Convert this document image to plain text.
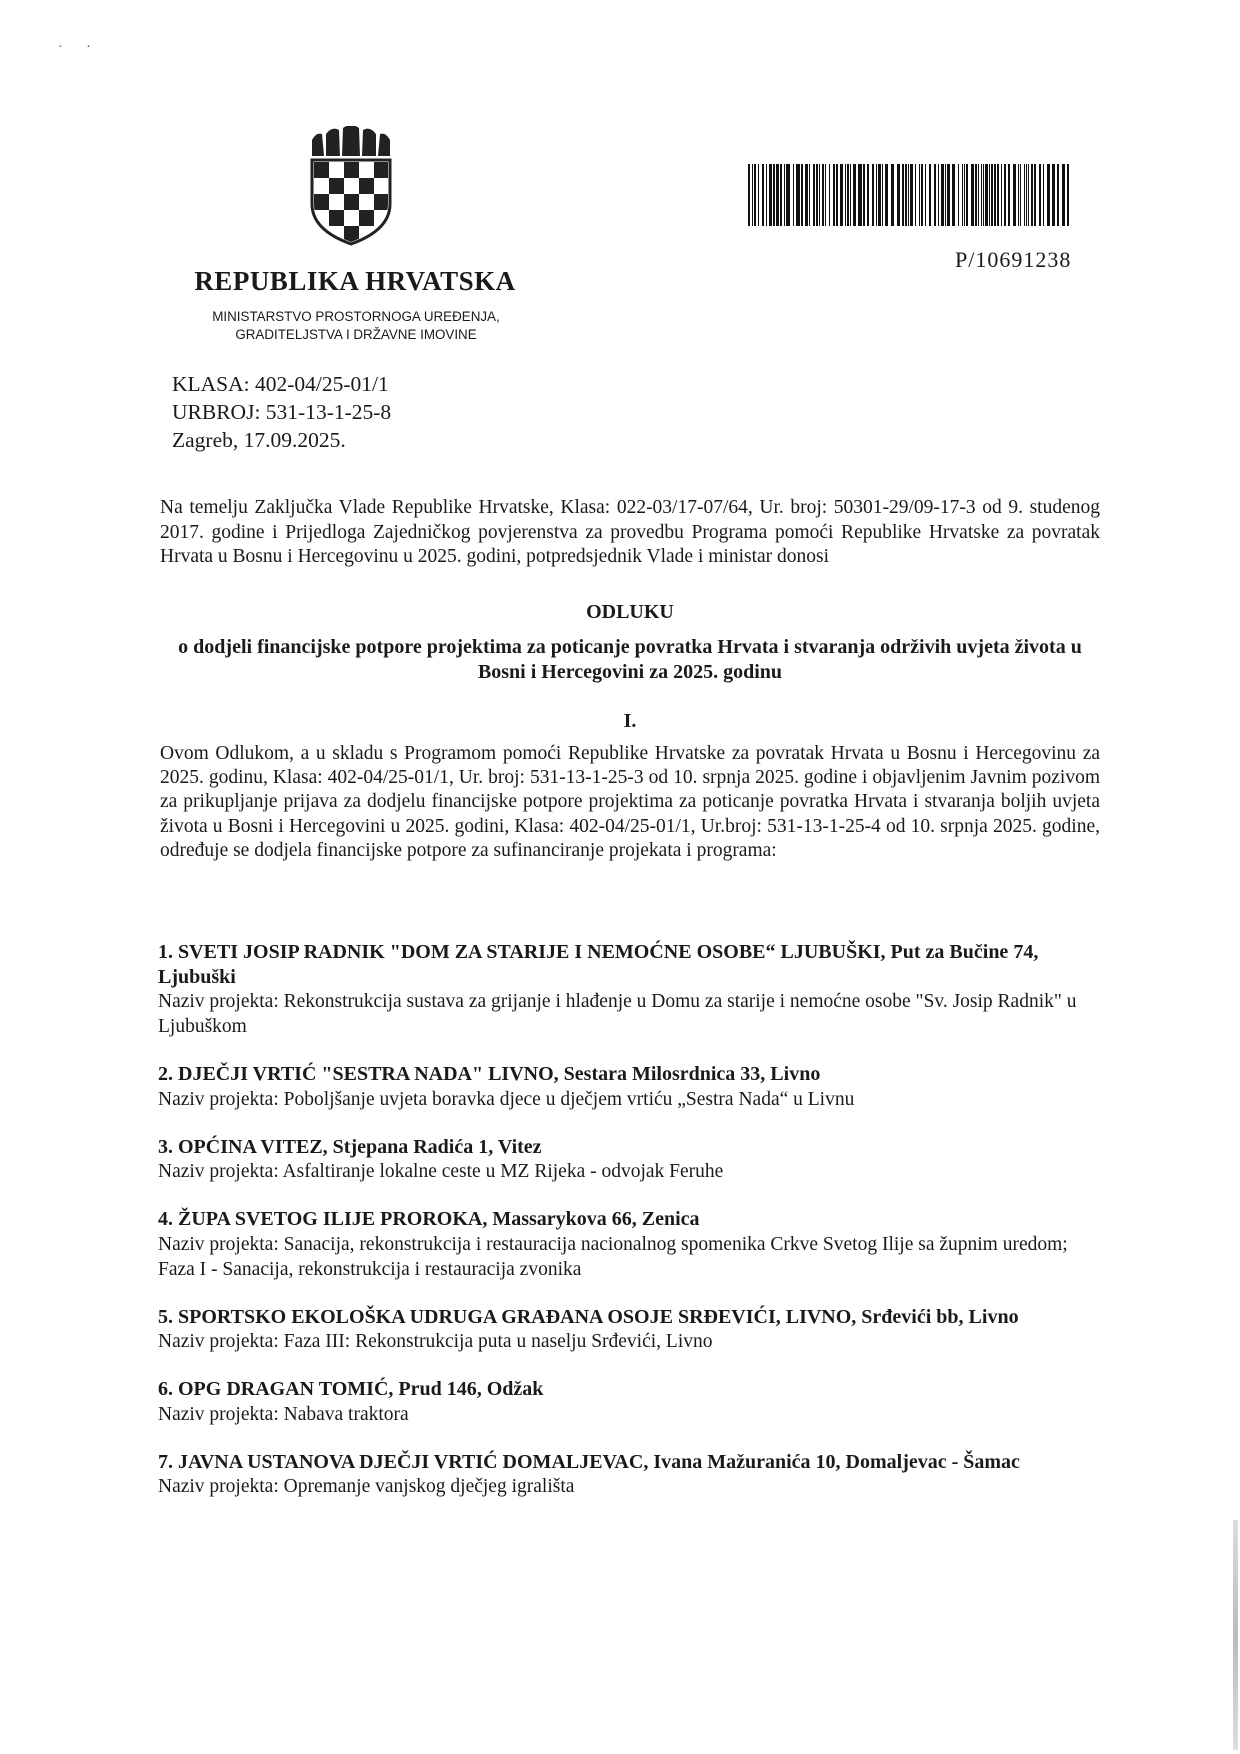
· ·
P/10691238
REPUBLIKA HRVATSKA
MINISTARSTVO PROSTORNOGA UREĐENJA,
GRADITELJSTVA I DRŽAVNE IMOVINE
KLASA: 402-04/25-01/1
URBROJ: 531-13-1-25-8
Zagreb, 17.09.2025.
Na temelju Zaključka Vlade Republike Hrvatske, Klasa: 022-03/17-07/64, Ur. broj: 50301-29/09-17-3 od 9. studenog 2017. godine i Prijedloga Zajedničkog povjerenstva za provedbu Programa pomoći Republike Hrvatske za povratak Hrvata u Bosnu i Hercegovinu u 2025. godini, potpredsjednik Vlade i ministar donosi
ODLUKU
o dodjeli financijske potpore projektima za poticanje povratka Hrvata i stvaranja održivih uvjeta života u Bosni i Hercegovini za 2025. godinu
I.
Ovom Odlukom, a u skladu s Programom pomoći Republike Hrvatske za povratak Hrvata u Bosnu i Hercegovinu za 2025. godinu, Klasa: 402-04/25-01/1, Ur. broj: 531-13-1-25-3 od 10. srpnja 2025. godine i objavljenim Javnim pozivom za prikupljanje prijava za dodjelu financijske potpore projektima za poticanje povratka Hrvata i stvaranja boljih uvjeta života u Bosni i Hercegovini u 2025. godini, Klasa: 402-04/25-01/1, Ur.broj: 531-13-1-25-4 od 10. srpnja 2025. godine, određuje se dodjela financijske potpore za sufinanciranje projekata i programa:
1. SVETI JOSIP RADNIK "DOM ZA STARIJE I NEMOĆNE OSOBE“ LJUBUŠKI, Put za Bučine 74, Ljubuški
Naziv projekta: Rekonstrukcija sustava za grijanje i hlađenje u Domu za starije i nemoćne osobe "Sv. Josip Radnik" u Ljubuškom
2. DJEČJI VRTIĆ "SESTRA NADA" LIVNO, Sestara Milosrdnica 33, Livno
Naziv projekta: Poboljšanje uvjeta boravka djece u dječjem vrtiću „Sestra Nada“ u Livnu
3. OPĆINA VITEZ, Stjepana Radića 1, Vitez
Naziv projekta: Asfaltiranje lokalne ceste u MZ Rijeka - odvojak Feruhe
4. ŽUPA SVETOG ILIJE PROROKA, Massarykova 66, Zenica
Naziv projekta: Sanacija, rekonstrukcija i restauracija nacionalnog spomenika Crkve Svetog Ilije sa župnim uredom; Faza I - Sanacija, rekonstrukcija i restauracija zvonika
5. SPORTSKO EKOLOŠKA UDRUGA GRAĐANA OSOJE SRĐEVIĆI, LIVNO, Srđevići bb, Livno
Naziv projekta: Faza III: Rekonstrukcija puta u naselju Srđevići, Livno
6. OPG DRAGAN TOMIĆ, Prud 146, Odžak
Naziv projekta: Nabava traktora
7. JAVNA USTANOVA DJEČJI VRTIĆ DOMALJEVAC, Ivana Mažuranića 10, Domaljevac - Šamac
Naziv projekta: Opremanje vanjskog dječjeg igrališta
